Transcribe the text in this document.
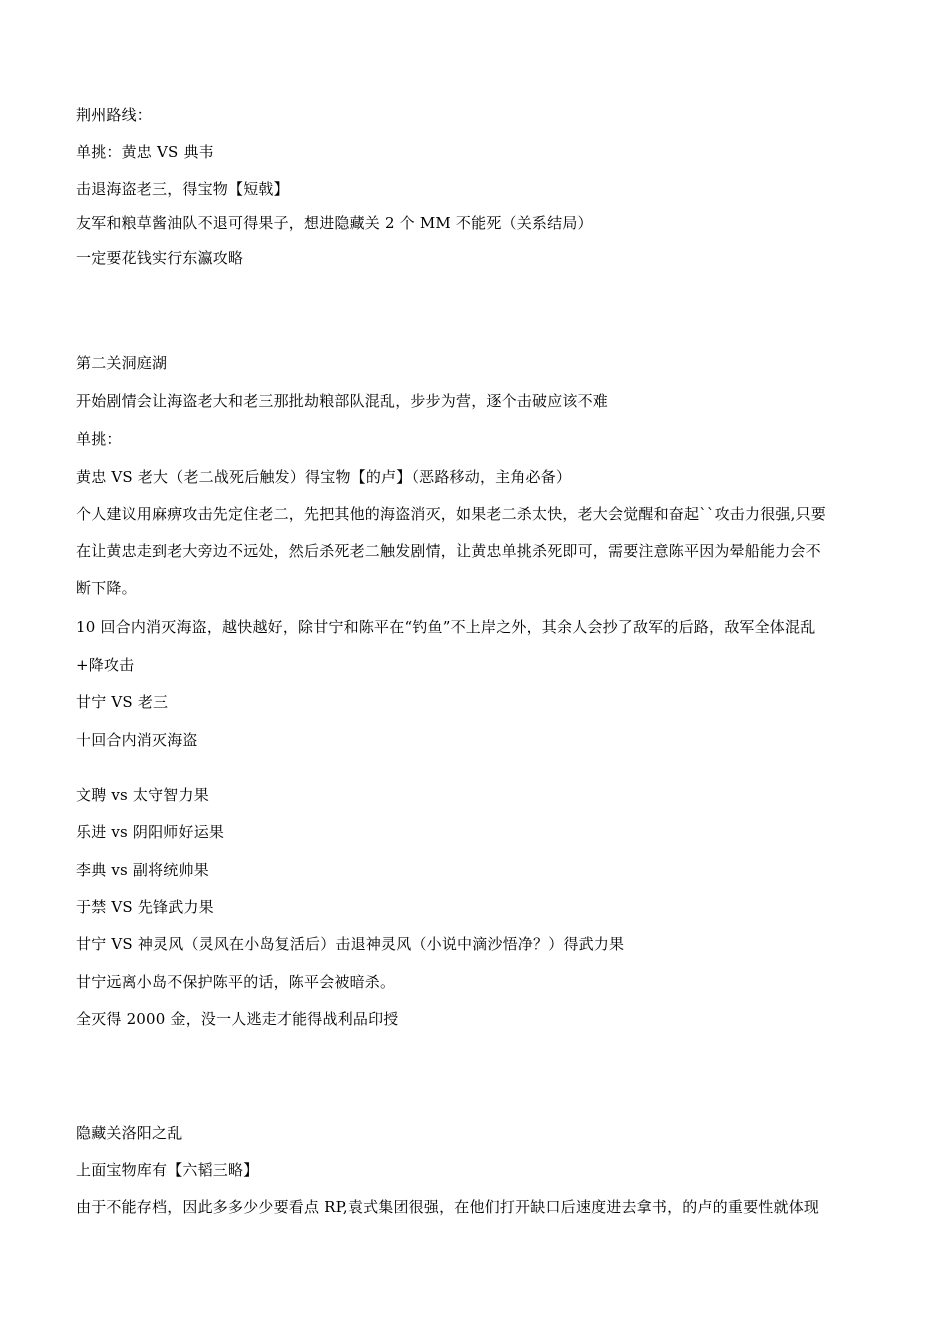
荆州路线：
单挑：黄忠 VS 典韦
击退海盗老三，得宝物【短戟】
友军和粮草酱油队不退可得果子，想进隐藏关 2 个 MM 不能死（关系结局）
一定要花钱实行东瀛攻略
第二关洞庭湖
开始剧情会让海盗老大和老三那批劫粮部队混乱，步步为营，逐个击破应该不难
单挑：
黄忠 VS 老大（老二战死后触发）得宝物【的卢】（恶路移动，主角必备）
个人建议用麻痹攻击先定住老二，先把其他的海盗消灭，如果老二杀太快，老大会觉醒和奋起``攻击力很强,只要
在让黄忠走到老大旁边不远处，然后杀死老二触发剧情，让黄忠单挑杀死即可，需要注意陈平因为晕船能力会不
断下降。
10 回合内消灭海盗，越快越好，除甘宁和陈平在“钓鱼”不上岸之外，其余人会抄了敌军的后路，敌军全体混乱
+降攻击
甘宁 VS 老三
十回合内消灭海盗
文聘 vs 太守智力果
乐进 vs 阴阳师好运果
李典 vs 副将统帅果
于禁 VS 先锋武力果
甘宁 VS 神灵风（灵风在小岛复活后）击退神灵风（小说中滴沙悟净？）得武力果
甘宁远离小岛不保护陈平的话，陈平会被暗杀。
全灭得 2000 金，没一人逃走才能得战利品印授
隐藏关洛阳之乱
上面宝物库有【六韬三略】
由于不能存档，因此多多少少要看点 RP,袁式集团很强，在他们打开缺口后速度进去拿书，的卢的重要性就体现
